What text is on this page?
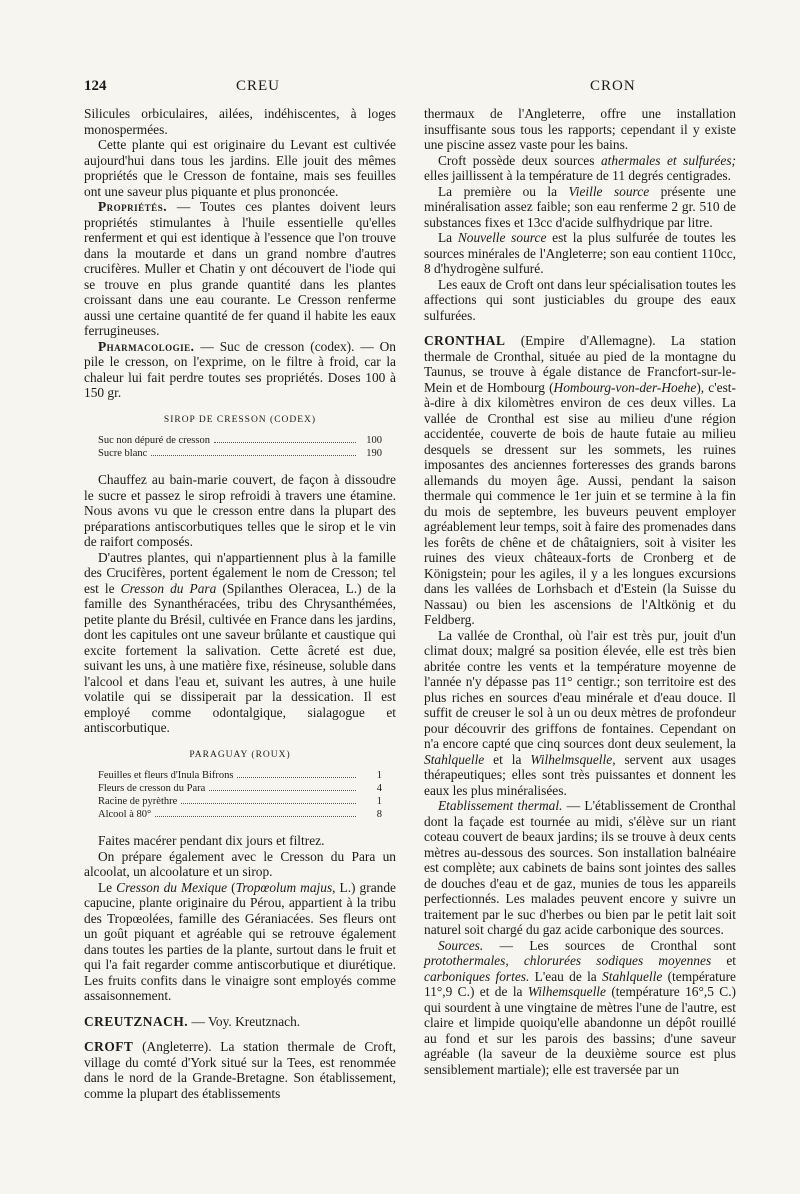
124	CREU	CRON

Silicules orbiculaires, ailées, indéhiscentes, à loges monospermées.

Cette plante qui est originaire du Levant est cultivée aujourd'hui dans tous les jardins. Elle jouit des mêmes propriétés que le Cresson de fontaine, mais ses feuilles ont une saveur plus piquante et plus prononcée.

Propriétés. — Toutes ces plantes doivent leurs propriétés stimulantes à l'huile essentielle qu'elles renferment et qui est identique à l'essence que l'on trouve dans la moutarde et dans un grand nombre d'autres crucifères. Muller et Chatin y ont découvert de l'iode qui se trouve en plus grande quantité dans les plantes croissant dans une eau courante. Le Cresson renferme aussi une certaine quantité de fer quand il habite les eaux ferrugineuses.

Pharmacologie. — Suc de cresson (codex). — On pile le cresson, on l'exprime, on le filtre à froid, car la chaleur lui fait perdre toutes ses propriétés. Doses 100 à 150 gr.

SIROP DE CRESSON (CODEX)
Suc non dépuré de cresson	100
Sucre blanc	190

Chauffez au bain-marie couvert, de façon à dissoudre le sucre et passez le sirop refroidi à travers une étamine. Nous avons vu que le cresson entre dans la plupart des préparations antiscorbutiques telles que le sirop et le vin de raifort composés.

D'autres plantes, qui n'appartiennent plus à la famille des Crucifères, portent également le nom de Cresson; tel est le Cresson du Para (Spilanthes Oleracea, L.) de la famille des Synanthéracées, tribu des Chrysanthémées, petite plante du Brésil, cultivée en France dans les jardins, dont les capitules ont une saveur brûlante et caustique qui excite fortement la salivation. Cette âcreté est due, suivant les uns, à une matière fixe, résineuse, soluble dans l'alcool et dans l'eau et, suivant les autres, à une huile volatile qui se dissiperait par la dessication. Il est employé comme odontalgique, sialagogue et antiscorbutique.

PARAGUAY (ROUX)
Feuilles et fleurs d'Inula Bifrons	1
Fleurs de cresson du Para	4
Racine de pyrèthre	1
Alcool à 80°	8

Faites macérer pendant dix jours et filtrez.

On prépare également avec le Cresson du Para un alcoolat, un alcoolature et un sirop.

Le Cresson du Mexique (Tropœolum majus, L.) grande capucine, plante originaire du Pérou, appartient à la tribu des Tropœolées, famille des Géraniacées. Ses fleurs ont un goût piquant et agréable qui se retrouve également dans toutes les parties de la plante, surtout dans le fruit et qui l'a fait regarder comme antiscorbutique et diurétique. Les fruits confits dans le vinaigre sont employés comme assaisonnement.

CREUTZNACH. — Voy. Kreutznach.

CROFT (Angleterre). La station thermale de Croft, village du comté d'York situé sur la Tees, est renommée dans le nord de la Grande-Bretagne. Son établissement, comme la plupart des établissements

thermaux de l'Angleterre, offre une installation insuffisante sous tous les rapports; cependant il y existe une piscine assez vaste pour les bains.

Croft possède deux sources athermales et sulfurées; elles jaillissent à la température de 11 degrés centigrades.

La première ou la Vieille source présente une minéralisation assez faible; son eau renferme 2 gr. 510 de substances fixes et 13cc d'acide sulfhydrique par litre.

La Nouvelle source est la plus sulfurée de toutes les sources minérales de l'Angleterre; son eau contient 110cc, 8 d'hydrogène sulfuré.

Les eaux de Croft ont dans leur spécialisation toutes les affections qui sont justiciables du groupe des eaux sulfurées.

CRONTHAL (Empire d'Allemagne). La station thermale de Cronthal, située au pied de la montagne du Taunus, se trouve à égale distance de Francfort-sur-le-Mein et de Hombourg (Hombourg-von-der-Hoehe), c'est-à-dire à dix kilomètres environ de ces deux villes. La vallée de Cronthal est sise au milieu d'une région accidentée, couverte de bois de haute futaie au milieu desquels se dressent sur les sommets, les ruines imposantes des anciennes forteresses des grands barons allemands du moyen âge. Aussi, pendant la saison thermale qui commence le 1er juin et se termine à la fin du mois de septembre, les buveurs peuvent employer agréablement leur temps, soit à faire des promenades dans les forêts de chêne et de châtaigniers, soit à visiter les ruines des vieux châteaux-forts de Cronberg et de Königstein; pour les agiles, il y a les longues excursions dans les vallées de Lorhsbach et d'Estein (la Suisse du Nassau) ou bien les ascensions de l'Altkönig et du Feldberg.

La vallée de Cronthal, où l'air est très pur, jouit d'un climat doux; malgré sa position élevée, elle est très bien abritée contre les vents et la température moyenne de l'année n'y dépasse pas 11° centigr.; son territoire est des plus riches en sources d'eau minérale et d'eau douce. Il suffit de creuser le sol à un ou deux mètres de profondeur pour découvrir des griffons de fontaines. Cependant on n'a encore capté que cinq sources dont deux seulement, la Stahlquelle et la Wilhelmsquelle, servent aux usages thérapeutiques; elles sont très puissantes et donnent les eaux les plus minéralisées.

Etablissement thermal. — L'établissement de Cronthal dont la façade est tournée au midi, s'élève sur un riant coteau couvert de beaux jardins; ils se trouve à deux cents mètres au-dessous des sources. Son installation balnéaire est complète; aux cabinets de bains sont jointes des salles de douches d'eau et de gaz, munies de tous les appareils perfectionnés. Les malades peuvent encore y suivre un traitement par le suc d'herbes ou bien par le petit lait soit naturel soit chargé du gaz acide carbonique des sources.

Sources. — Les sources de Cronthal sont protothermales, chlorurées sodiques moyennes et carboniques fortes. L'eau de la Stahlquelle (température 11°,9 C.) et de la Wilhemsquelle (température 16°,5 C.) qui sourdent à une vingtaine de mètres l'une de l'autre, est claire et limpide quoiqu'elle abandonne un dépôt rouillé au fond et sur les parois des bassins; d'une saveur agréable (la saveur de la deuxième source est plus sensiblement martiale); elle est traversée par un
